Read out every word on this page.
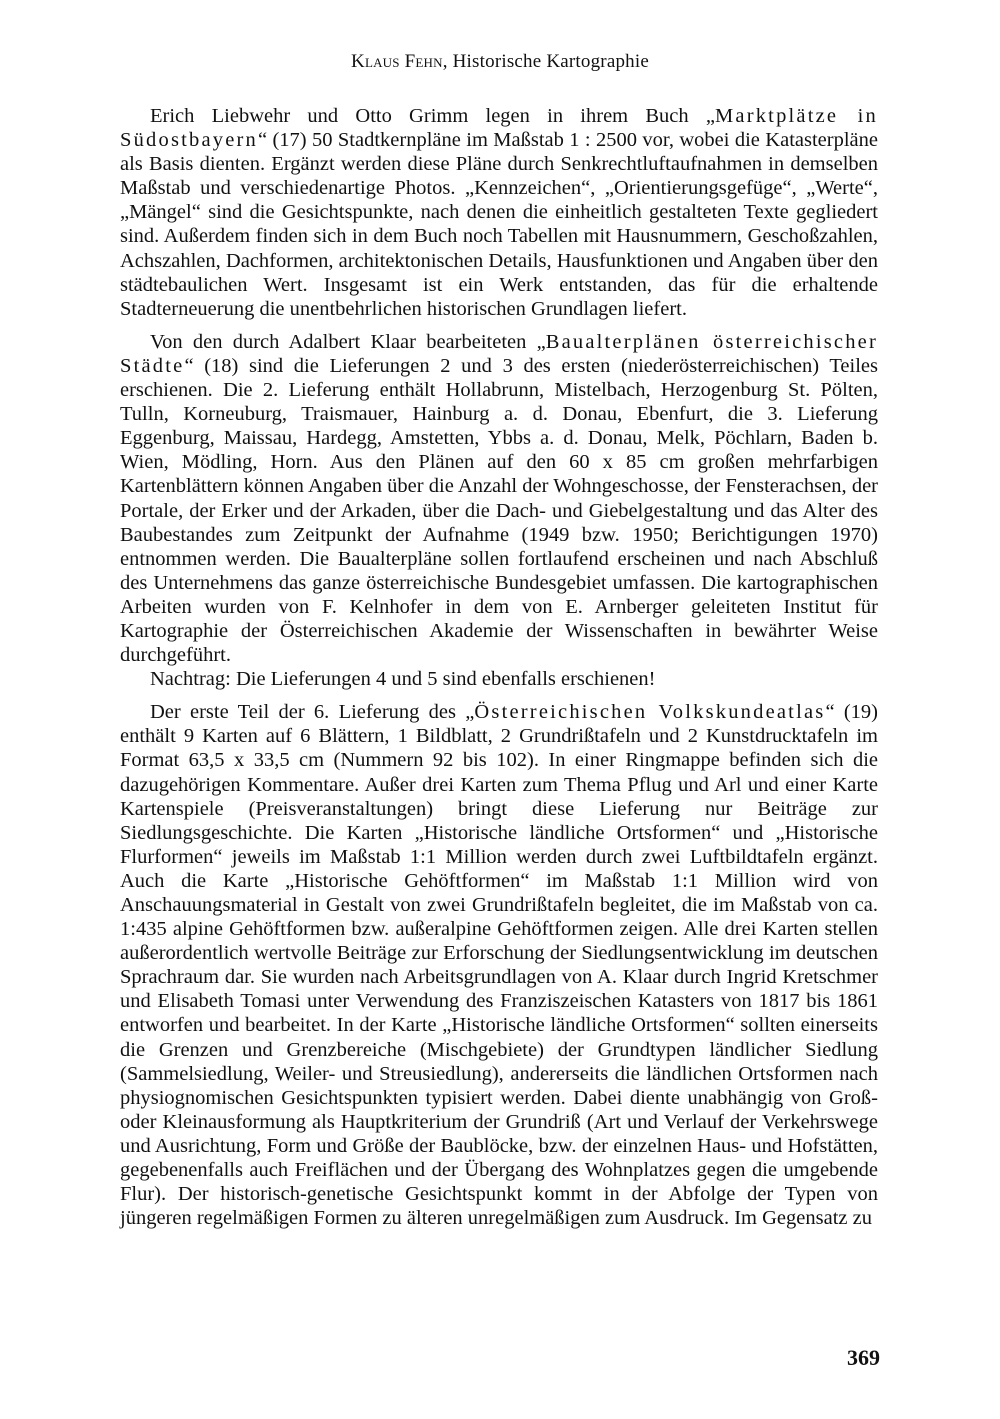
Klaus Fehn, Historische Kartographie

Erich Liebwehr und Otto Grimm legen in ihrem Buch „Marktplätze in Südostbayern“ (17) 50 Stadtkernpläne im Maßstab 1 : 2500 vor, wobei die Katasterpläne als Basis dienten. Ergänzt werden diese Pläne durch Senkrechtluftaufnahmen in demselben Maßstab und verschiedenartige Photos. „Kennzeichen“, „Orientierungsgefüge“, „Werte“, „Mängel“ sind die Gesichtspunkte, nach denen die einheitlich gestalteten Texte gegliedert sind. Außerdem finden sich in dem Buch noch Tabellen mit Hausnummern, Geschoßzahlen, Achszahlen, Dachformen, architektonischen Details, Hausfunktionen und Angaben über den städtebaulichen Wert. Insgesamt ist ein Werk entstanden, das für die erhaltende Stadterneuerung die unentbehrlichen historischen Grundlagen liefert.

Von den durch Adalbert Klaar bearbeiteten „Baualterplänen österreichischer Städte“ (18) sind die Lieferungen 2 und 3 des ersten (niederösterreichischen) Teiles erschienen. Die 2. Lieferung enthält Hollabrunn, Mistelbach, Herzogenburg St. Pölten, Tulln, Korneuburg, Traismauer, Hainburg a. d. Donau, Ebenfurt, die 3. Lieferung Eggenburg, Maissau, Hardegg, Amstetten, Ybbs a. d. Donau, Melk, Pöchlarn, Baden b. Wien, Mödling, Horn. Aus den Plänen auf den 60 x 85 cm großen mehrfarbigen Kartenblättern können Angaben über die Anzahl der Wohngeschosse, der Fensterachsen, der Portale, der Erker und der Arkaden, über die Dach- und Giebelgestaltung und das Alter des Baubestandes zum Zeitpunkt der Aufnahme (1949 bzw. 1950; Berichtigungen 1970) entnommen werden. Die Baualterpläne sollen fortlaufend erscheinen und nach Abschluß des Unternehmens das ganze österreichische Bundesgebiet umfassen. Die kartographischen Arbeiten wurden von F. Kelnhofer in dem von E. Arnberger geleiteten Institut für Kartographie der Österreichischen Akademie der Wissenschaften in bewährter Weise durchgeführt.

Nachtrag: Die Lieferungen 4 und 5 sind ebenfalls erschienen!

Der erste Teil der 6. Lieferung des „Österreichischen Volkskundeatlas“ (19) enthält 9 Karten auf 6 Blättern, 1 Bildblatt, 2 Grundrißtafeln und 2 Kunstdrucktafeln im Format 63,5 x 33,5 cm (Nummern 92 bis 102). In einer Ringmappe befinden sich die dazugehörigen Kommentare. Außer drei Karten zum Thema Pflug und Arl und einer Karte Kartenspiele (Preisveranstaltungen) bringt diese Lieferung nur Beiträge zur Siedlungsgeschichte. Die Karten „Historische ländliche Ortsformen“ und „Historische Flurformen“ jeweils im Maßstab 1:1 Million werden durch zwei Luftbildtafeln ergänzt. Auch die Karte „Historische Gehöftformen“ im Maßstab 1:1 Million wird von Anschauungsmaterial in Gestalt von zwei Grundrißtafeln begleitet, die im Maßstab von ca. 1:435 alpine Gehöftformen bzw. außeralpine Gehöftformen zeigen. Alle drei Karten stellen außerordentlich wertvolle Beiträge zur Erforschung der Siedlungsentwicklung im deutschen Sprachraum dar. Sie wurden nach Arbeitsgrundlagen von A. Klaar durch Ingrid Kretschmer und Elisabeth Tomasi unter Verwendung des Franziszeischen Katasters von 1817 bis 1861 entworfen und bearbeitet. In der Karte „Historische ländliche Ortsformen“ sollten einerseits die Grenzen und Grenzbereiche (Mischgebiete) der Grundtypen ländlicher Siedlung (Sammelsiedlung, Weiler- und Streusiedlung), andererseits die ländlichen Ortsformen nach physiognomischen Gesichtspunkten typisiert werden. Dabei diente unabhängig von Groß- oder Kleinausformung als Hauptkriterium der Grundriß (Art und Verlauf der Verkehrswege und Ausrichtung, Form und Größe der Baublöcke, bzw. der einzelnen Haus- und Hofstätten, gegebenenfalls auch Freiflächen und der Übergang des Wohnplatzes gegen die umgebende Flur). Der historisch-genetische Gesichtspunkt kommt in der Abfolge der Typen von jüngeren regelmäßigen Formen zu älteren unregelmäßigen zum Ausdruck. Im Gegensatz zu

369
